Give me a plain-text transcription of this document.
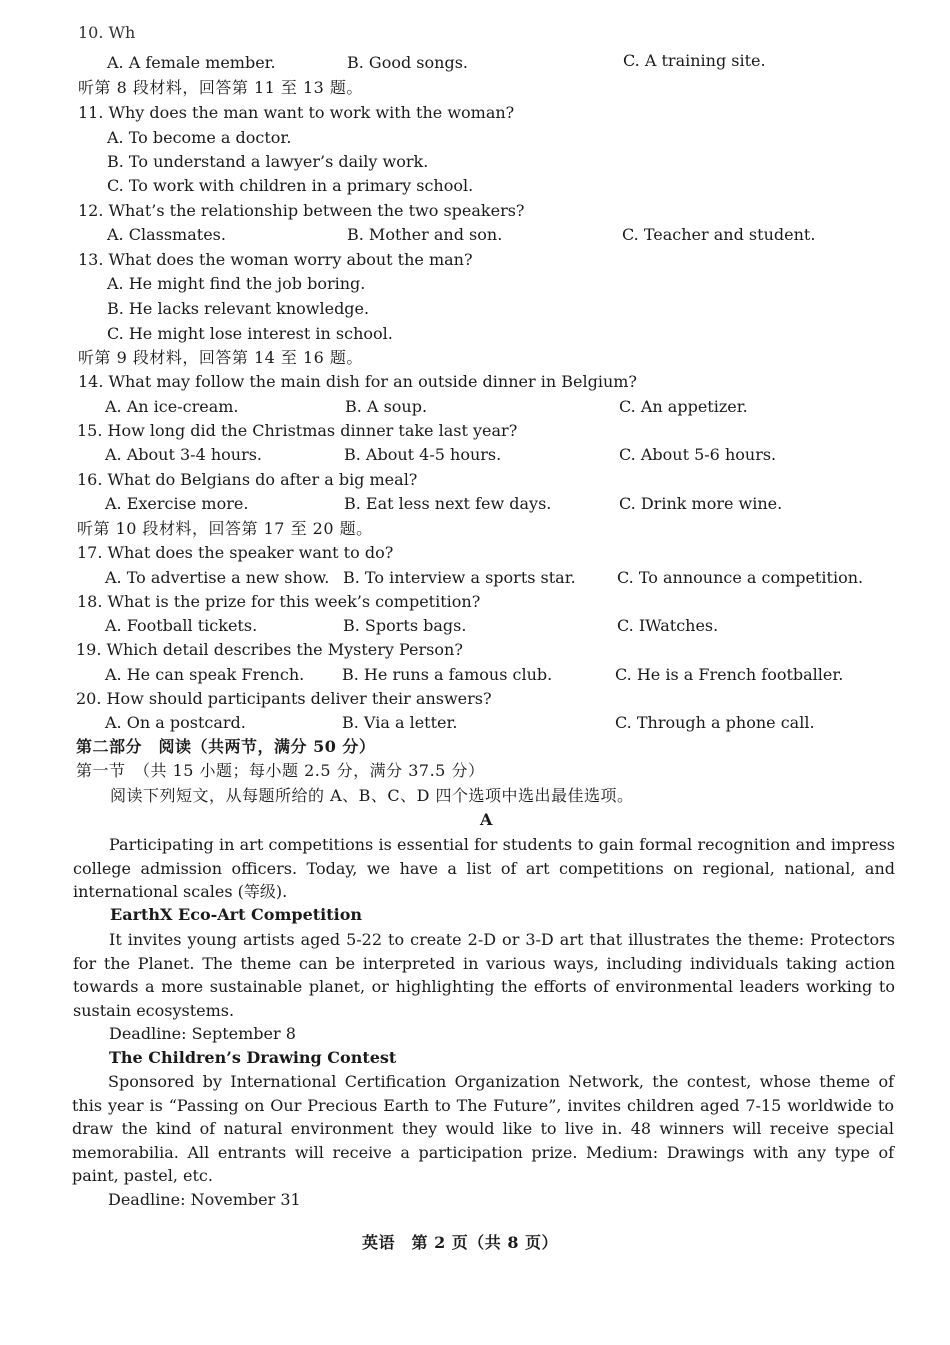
10. Wh
A. A female member.	B. Good songs.	C. A training site.
听第 8 段材料，回答第 11 至 13 题。
11. Why does the man want to work with the woman?
A. To become a doctor.
B. To understand a lawyer’s daily work.
C. To work with children in a primary school.
12. What’s the relationship between the two speakers?
A. Classmates.	B. Mother and son.	C. Teacher and student.
13. What does the woman worry about the man?
A. He might find the job boring.
B. He lacks relevant knowledge.
C. He might lose interest in school.
听第 9 段材料，回答第 14 至 16 题。
14. What may follow the main dish for an outside dinner in Belgium?
A. An ice-cream.	B. A soup.	C. An appetizer.
15. How long did the Christmas dinner take last year?
A. About 3-4 hours.	B. About 4-5 hours.	C. About 5-6 hours.
16. What do Belgians do after a big meal?
A. Exercise more.	B. Eat less next few days.	C. Drink more wine.
听第 10 段材料，回答第 17 至 20 题。
17. What does the speaker want to do?
A. To advertise a new show. B. To interview a sports star.	C. To announce a competition.
18. What is the prize for this week’s competition?
A. Football tickets.	B. Sports bags.	C. IWatches.
19. Which detail describes the Mystery Person?
A. He can speak French. B. He runs a famous club.	C. He is a French footballer.
20. How should participants deliver their answers?
A. On a postcard.	B. Via a letter.	C. Through a phone call.
第二部分　阅读（共两节，满分 50 分）
第一节　（共 15 小题；每小题 2.5 分，满分 37.5 分）
阅读下列短文，从每题所给的 A、B、C、D 四个选项中选出最佳选项。
A

Participating in art competitions is essential for students to gain formal recognition and impress college admission officers. Today, we have a list of art competitions on regional, national, and international scales (等级).

EarthX Eco-Art Competition

It invites young artists aged 5-22 to create 2-D or 3-D art that illustrates the theme: Protectors for the Planet. The theme can be interpreted in various ways, including individuals taking action towards a more sustainable planet, or highlighting the efforts of environmental leaders working to sustain ecosystems.

Deadline: September 8
The Children’s Drawing Contest

Sponsored by International Certification Organization Network, the contest, whose theme of this year is “Passing on Our Precious Earth to The Future”, invites children aged 7-15 worldwide to draw the kind of natural environment they would like to live in. 48 winners will receive special memorabilia. All entrants will receive a participation prize. Medium: Drawings with any type of paint, pastel, etc.

Deadline: November 31
英语　第 2 页（共 8 页）
